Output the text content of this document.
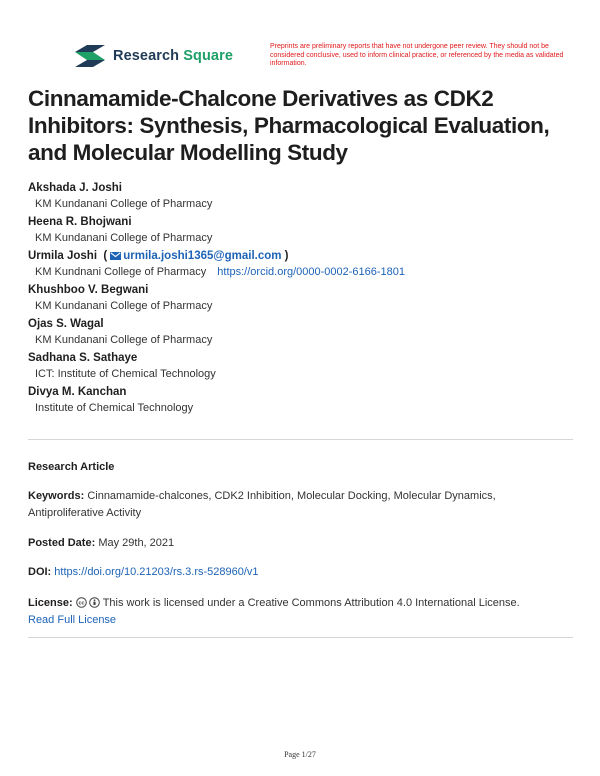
Research Square
Preprints are preliminary reports that have not undergone peer review. They should not be considered conclusive, used to inform clinical practice, or referenced by the media as validated information.
Cinnamamide-Chalcone Derivatives as CDK2 Inhibitors: Synthesis, Pharmacological Evaluation, and Molecular Modelling Study
Akshada J. Joshi
KM Kundanani College of Pharmacy
Heena R. Bhojwani
KM Kundanani College of Pharmacy
Urmila Joshi  ( urmila.joshi1365@gmail.com )
KM Kundnani College of Pharmacy https://orcid.org/0000-0002-6166-1801
Khushboo V. Begwani
KM Kundanani College of Pharmacy
Ojas S. Wagal
KM Kundanani College of Pharmacy
Sadhana S. Sathaye
ICT: Institute of Chemical Technology
Divya M. Kanchan
Institute of Chemical Technology
Research Article
Keywords: Cinnamamide-chalcones, CDK2 Inhibition, Molecular Docking, Molecular Dynamics, Antiproliferative Activity
Posted Date: May 29th, 2021
DOI: https://doi.org/10.21203/rs.3.rs-528960/v1
License: cc This work is licensed under a Creative Commons Attribution 4.0 International License.
Read Full License
Page 1/27
